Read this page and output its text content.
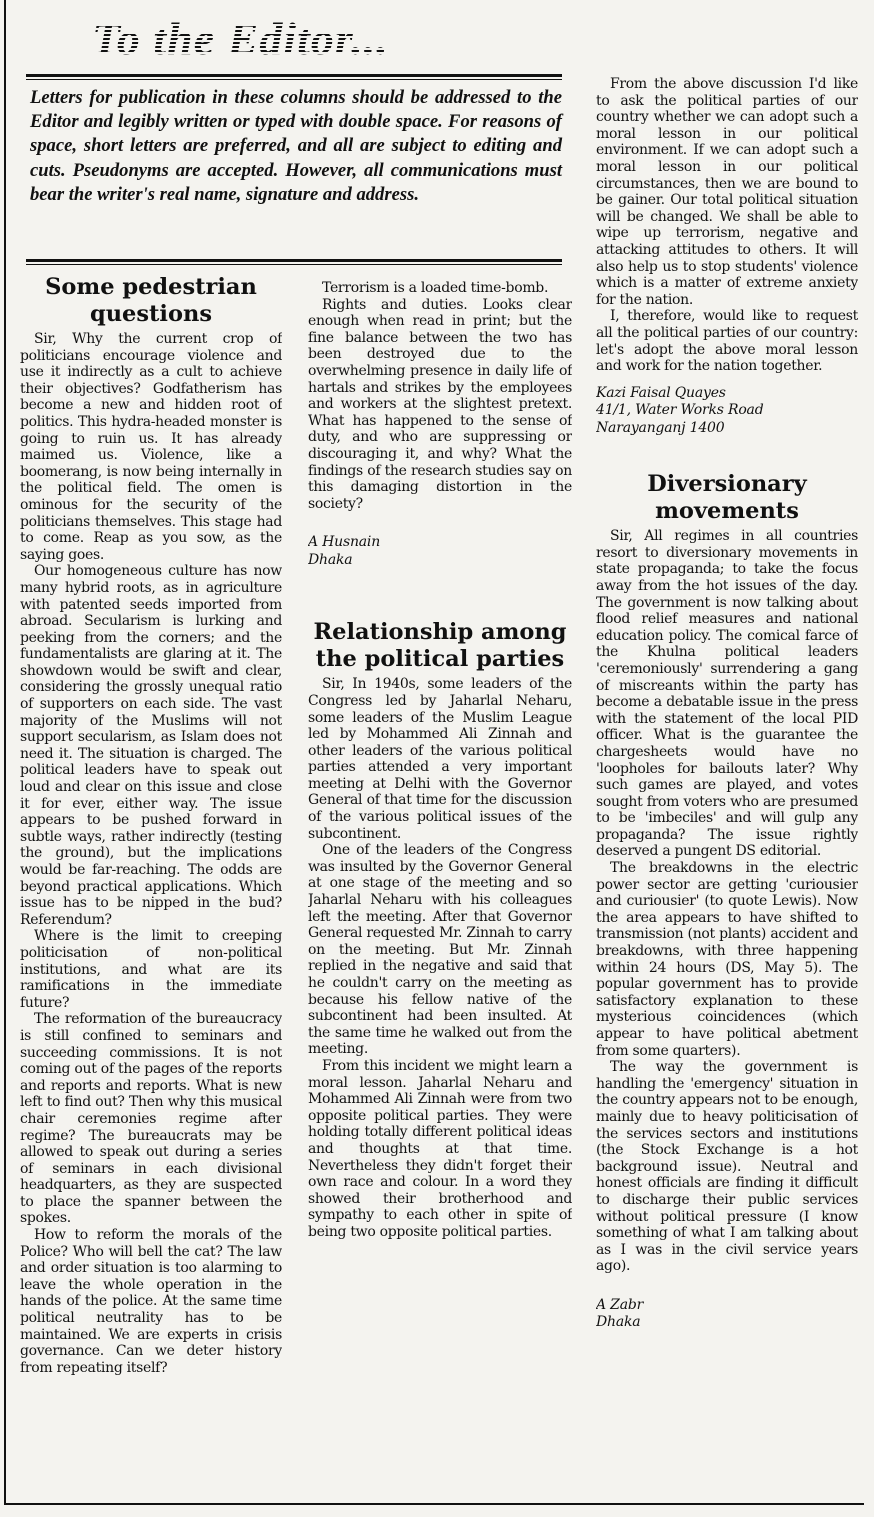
To the Editor...

Letters for publication in these columns should be addressed to the Editor and legibly written or typed with double space. For reasons of space, short letters are preferred, and all are subject to editing and cuts. Pseudonyms are accepted. However, all communications must bear the writer's real name, signature and address.

Some pedestrian questions

Sir, Why the current crop of politicians encourage violence and use it indirectly as a cult to achieve their objectives? Godfatherism has become a new and hidden root of politics. This hydra-headed monster is going to ruin us. It has already maimed us. Violence, like a boomerang, is now being internally in the political field. The omen is ominous for the security of the politicians themselves. This stage had to come. Reap as you sow, as the saying goes.

Our homogeneous culture has now many hybrid roots, as in agriculture with patented seeds imported from abroad. Secularism is lurking and peeking from the corners; and the fundamentalists are glaring at it. The showdown would be swift and clear, considering the grossly unequal ratio of supporters on each side. The vast majority of the Muslims will not support secularism, as Islam does not need it. The situation is charged. The political leaders have to speak out loud and clear on this issue and close it for ever, either way. The issue appears to be pushed forward in subtle ways, rather indirectly (testing the ground), but the implications would be far-reaching. The odds are beyond practical applications. Which issue has to be nipped in the bud? Referendum?

Where is the limit to creeping politicisation of non-political institutions, and what are its ramifications in the immediate future?

The reformation of the bureaucracy is still confined to seminars and succeeding commissions. It is not coming out of the pages of the reports and reports and reports. What is new left to find out? Then why this musical chair ceremonies regime after regime? The bureaucrats may be allowed to speak out during a series of seminars in each divisional headquarters, as they are suspected to place the spanner between the spokes.

How to reform the morals of the Police? Who will bell the cat? The law and order situation is too alarming to leave the whole operation in the hands of the police. At the same time political neutrality has to be maintained. We are experts in crisis governance. Can we deter history from repeating itself?

Terrorism is a loaded time-bomb.

Rights and duties. Looks clear enough when read in print; but the fine balance between the two has been destroyed due to the overwhelming presence in daily life of hartals and strikes by the employees and workers at the slightest pretext. What has happened to the sense of duty, and who are suppressing or discouraging it, and why? What the findings of the research studies say on this damaging distortion in the society?

A Husnain
Dhaka
Relationship among the political parties

Sir, In 1940s, some leaders of the Congress led by Jaharlal Neharu, some leaders of the Muslim League led by Mohammed Ali Zinnah and other leaders of the various political parties attended a very important meeting at Delhi with the Governor General of that time for the discussion of the various political issues of the subcontinent.

One of the leaders of the Congress was insulted by the Governor General at one stage of the meeting and so Jaharlal Neharu with his colleagues left the meeting. After that Governor General requested Mr. Zinnah to carry on the meeting. But Mr. Zinnah replied in the negative and said that he couldn't carry on the meeting as because his fellow native of the subcontinent had been insulted. At the same time he walked out from the meeting.

From this incident we might learn a moral lesson. Jaharlal Neharu and Mohammed Ali Zinnah were from two opposite political parties. They were holding totally different political ideas and thoughts at that time. Nevertheless they didn't forget their own race and colour. In a word they showed their brotherhood and sympathy to each other in spite of being two opposite political parties.

From the above discussion I'd like to ask the political parties of our country whether we can adopt such a moral lesson in our political environment. If we can adopt such a moral lesson in our political circumstances, then we are bound to be gainer. Our total political situation will be changed. We shall be able to wipe up terrorism, negative and attacking attitudes to others. It will also help us to stop students' violence which is a matter of extreme anxiety for the nation.

I, therefore, would like to request all the political parties of our country: let's adopt the above moral lesson and work for the nation together.

Kazi Faisal Quayes
41/1, Water Works Road
Narayanganj 1400
Diversionary movements

Sir, All regimes in all countries resort to diversionary movements in state propaganda; to take the focus away from the hot issues of the day. The government is now talking about flood relief measures and national education policy. The comical farce of the Khulna political leaders 'ceremoniously' surrendering a gang of miscreants within the party has become a debatable issue in the press with the statement of the local PID officer. What is the guarantee the chargesheets would have no 'loopholes for bailouts later? Why such games are played, and votes sought from voters who are presumed to be 'imbeciles' and will gulp any propaganda? The issue rightly deserved a pungent DS editorial.

The breakdowns in the electric power sector are getting 'curiousier and curiousier' (to quote Lewis). Now the area appears to have shifted to transmission (not plants) accident and breakdowns, with three happening within 24 hours (DS, May 5). The popular government has to provide satisfactory explanation to these mysterious coincidences (which appear to have political abetment from some quarters).

The way the government is handling the 'emergency' situation in the country appears not to be enough, mainly due to heavy politicisation of the services sectors and institutions (the Stock Exchange is a hot background issue). Neutral and honest officials are finding it difficult to discharge their public services without political pressure (I know something of what I am talking about as I was in the civil service years ago).

A Zabr
Dhaka
